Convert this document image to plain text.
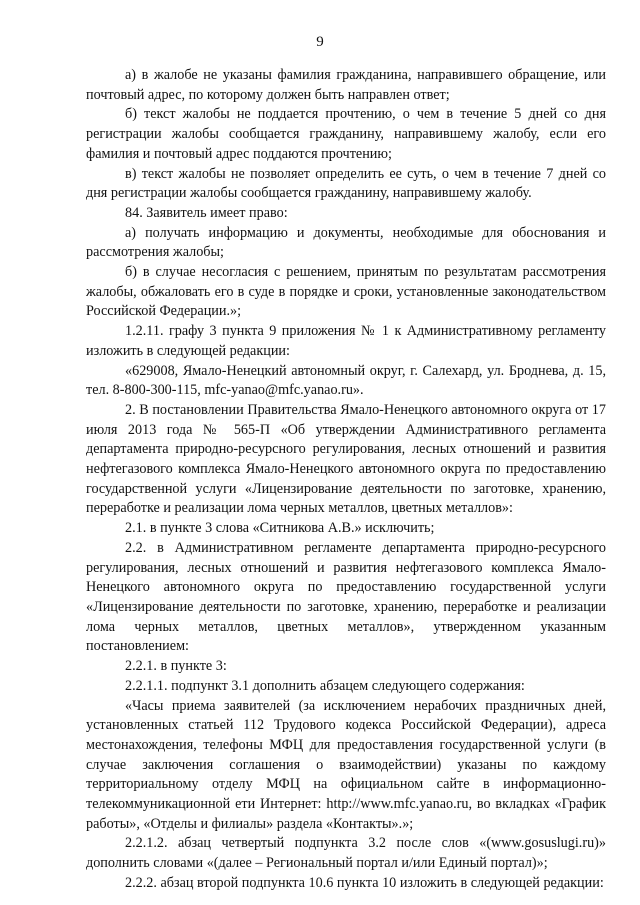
9

а) в жалобе не указаны фамилия гражданина, направившего обращение, или почтовый адрес, по которому должен быть направлен ответ;

б) текст жалобы не поддается прочтению, о чем в течение 5 дней со дня регистрации жалобы сообщается гражданину, направившему жалобу, если его фамилия и почтовый адрес поддаются прочтению;

в) текст жалобы не позволяет определить ее суть, о чем в течение 7 дней со дня регистрации жалобы сообщается гражданину, направившему жалобу.

84. Заявитель имеет право:

а) получать информацию и документы, необходимые для обоснования и рассмотрения жалобы;

б) в случае несогласия с решением, принятым по результатам рассмотрения жалобы, обжаловать его в суде в порядке и сроки, установленные законодательством Российской Федерации.»;

1.2.11. графу 3 пункта 9 приложения № 1 к Административному регламенту изложить в следующей редакции:

«629008, Ямало-Ненецкий автономный округ, г. Салехард, ул. Броднева, д. 15, тел. 8-800-300-115, mfc-yanao@mfc.yanao.ru».

2. В постановлении Правительства Ямало-Ненецкого автономного округа от 17 июля 2013 года № 565-П «Об утверждении Административного регламента департамента природно-ресурсного регулирования, лесных отношений и развития нефтегазового комплекса Ямало-Ненецкого автономного округа по предоставлению государственной услуги «Лицензирование деятельности по заготовке, хранению, переработке и реализации лома черных металлов, цветных металлов»:

2.1. в пункте 3 слова «Ситникова А.В.» исключить;

2.2. в Административном регламенте департамента природно-ресурсного регулирования, лесных отношений и развития нефтегазового комплекса Ямало-Ненецкого автономного округа по предоставлению государственной услуги «Лицензирование деятельности по заготовке, хранению, переработке и реализации лома черных металлов, цветных металлов», утвержденном указанным постановлением:

2.2.1. в пункте 3:

2.2.1.1. подпункт 3.1 дополнить абзацем следующего содержания:

«Часы приема заявителей (за исключением нерабочих праздничных дней, установленных статьей 112 Трудового кодекса Российской Федерации), адреса местонахождения, телефоны МФЦ для предоставления государственной услуги (в случае заключения соглашения о взаимодействии) указаны по каждому территориальному отделу МФЦ на официальном сайте в информационно-телекоммуникационной ети Интернет: http://www.mfc.yanao.ru, во вкладках «График работы», «Отделы и филиалы» раздела «Контакты».»;

2.2.1.2. абзац четвертый подпункта 3.2 после слов «(www.gosuslugi.ru)» дополнить словами «(далее – Региональный портал и/или Единый портал)»;

2.2.2. абзац второй подпункта 10.6 пункта 10 изложить в следующей редакции:
